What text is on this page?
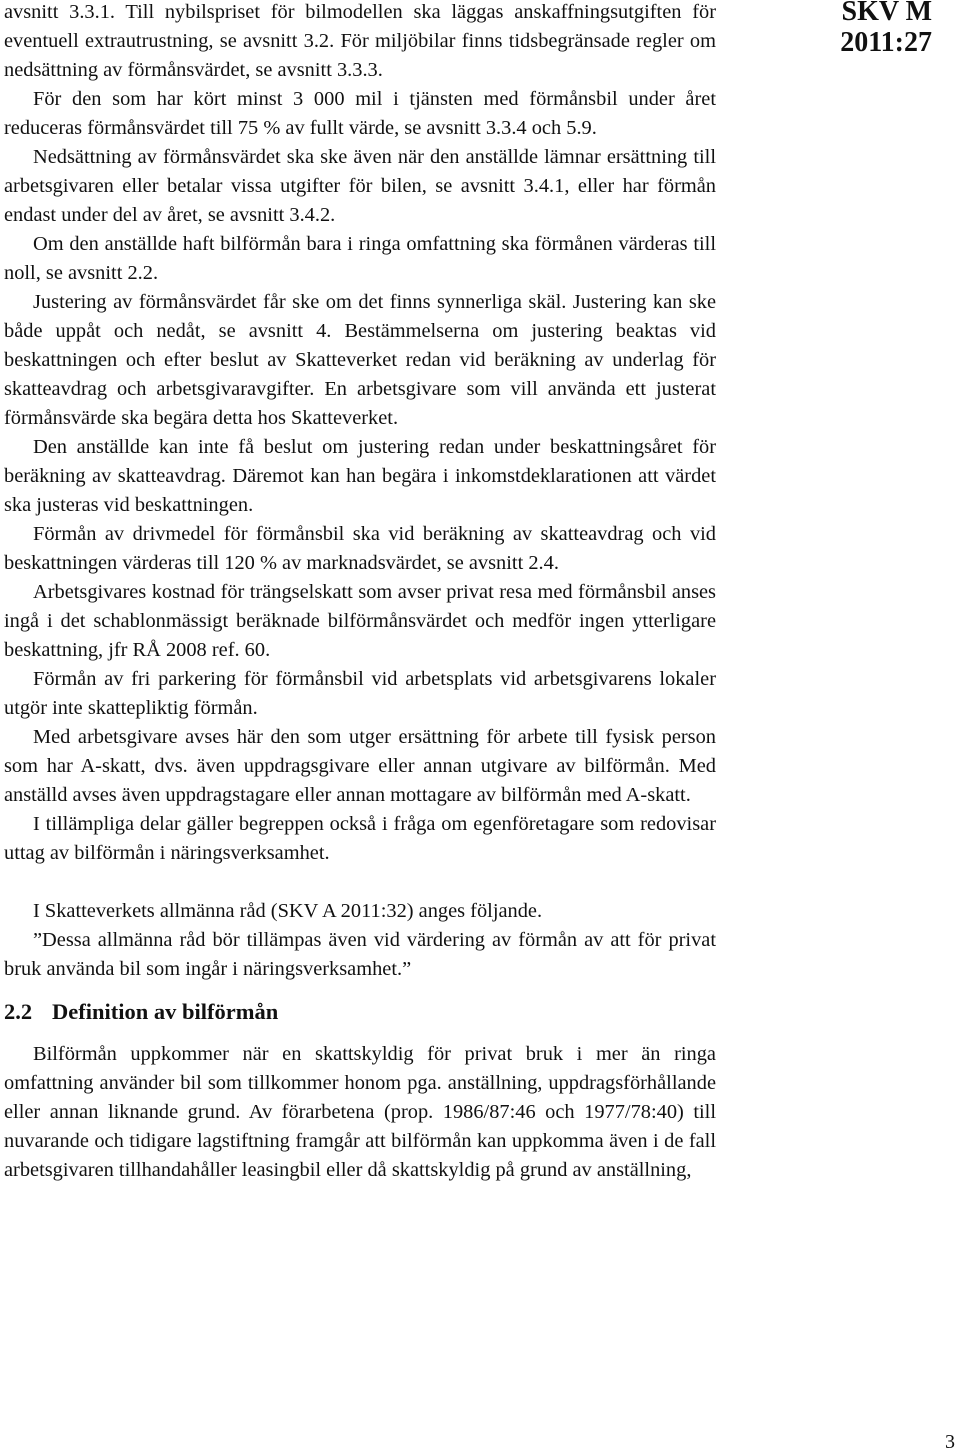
SKV M
2011:27

avsnitt 3.3.1. Till nybilspriset för bilmodellen ska läggas anskaffningsutgiften för eventuell extrautrustning, se avsnitt 3.2. För miljöbilar finns tidsbegränsade regler om nedsättning av förmånsvärdet, se avsnitt 3.3.3.

För den som har kört minst 3 000 mil i tjänsten med förmånsbil under året reduceras förmånsvärdet till 75 % av fullt värde, se avsnitt 3.3.4 och 5.9.

Nedsättning av förmånsvärdet ska ske även när den anställde lämnar ersättning till arbetsgivaren eller betalar vissa utgifter för bilen, se avsnitt 3.4.1, eller har förmån endast under del av året, se avsnitt 3.4.2.

Om den anställde haft bilförmån bara i ringa omfattning ska förmånen värderas till noll, se avsnitt 2.2.

Justering av förmånsvärdet får ske om det finns synnerliga skäl. Justering kan ske både uppåt och nedåt, se avsnitt 4. Bestämmelserna om justering beaktas vid beskattningen och efter beslut av Skatteverket redan vid beräkning av underlag för skatteavdrag och arbetsgivaravgifter. En arbetsgivare som vill använda ett justerat förmånsvärde ska begära detta hos Skatteverket.

Den anställde kan inte få beslut om justering redan under beskattningsåret för beräkning av skatteavdrag. Däremot kan han begära i inkomstdeklarationen att värdet ska justeras vid beskattningen.

Förmån av drivmedel för förmånsbil ska vid beräkning av skatteavdrag och vid beskattningen värderas till 120 % av marknadsvärdet, se avsnitt 2.4.

Arbetsgivares kostnad för trängselskatt som avser privat resa med förmånsbil anses ingå i det schablonmässigt beräknade bilförmånsvärdet och medför ingen ytterligare beskattning, jfr RÅ 2008 ref. 60.

Förmån av fri parkering för förmånsbil vid arbetsplats vid arbetsgivarens lokaler utgör inte skattepliktig förmån.

Med arbetsgivare avses här den som utger ersättning för arbete till fysisk person som har A-skatt, dvs. även uppdragsgivare eller annan utgivare av bilförmån. Med anställd avses även uppdragstagare eller annan mottagare av bilförmån med A-skatt.

I tillämpliga delar gäller begreppen också i fråga om egenföretagare som redovisar uttag av bilförmån i näringsverksamhet.

I Skatteverkets allmänna råd (SKV A 2011:32) anges följande.

”Dessa allmänna råd bör tillämpas även vid värdering av förmån av att för privat bruk använda bil som ingår i näringsverksamhet.”

2.2 Definition av bilförmån

Bilförmån uppkommer när en skattskyldig för privat bruk i mer än ringa omfattning använder bil som tillkommer honom pga. anställning, uppdragsförhållande eller annan liknande grund. Av förarbetena (prop. 1986/87:46 och 1977/78:40) till nuvarande och tidigare lagstiftning framgår att bilförmån kan uppkomma även i de fall arbetsgivaren tillhandahåller leasingbil eller då skattskyldig på grund av anställning,

3
